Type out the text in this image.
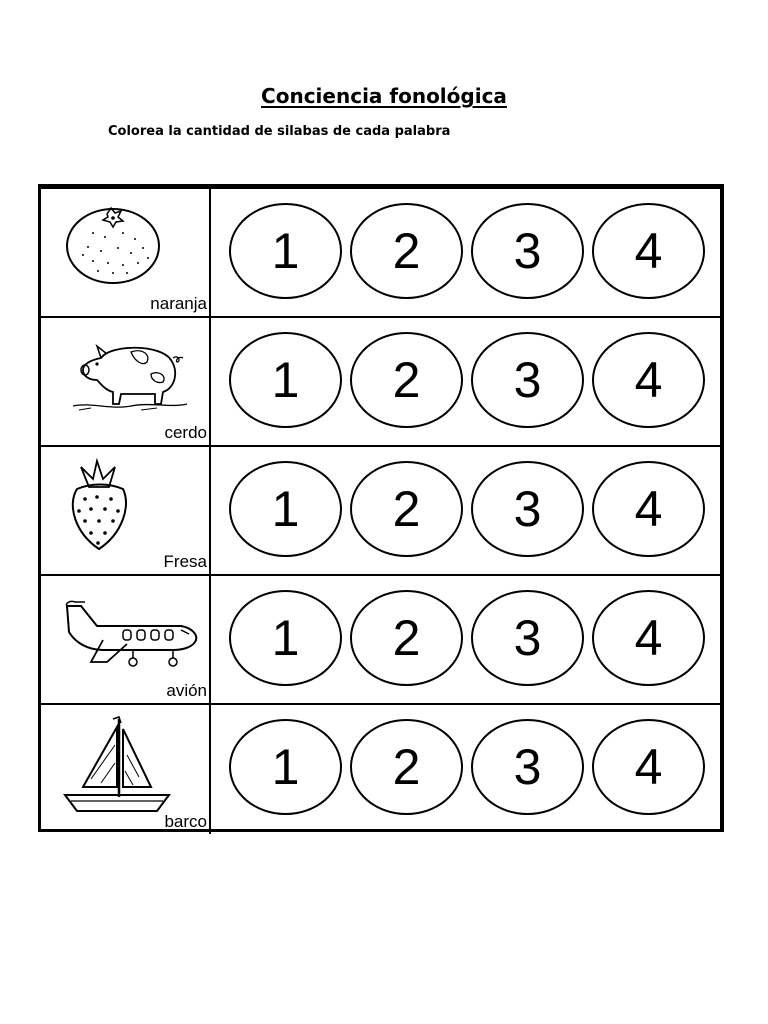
Conciencia fonológica
Colorea la cantidad de silabas de cada palabra
naranja
1	2	3	4
cerdo
1	2	3	4
Fresa
1	2	3	4
avión
1	2	3	4
barco
1	2	3	4
